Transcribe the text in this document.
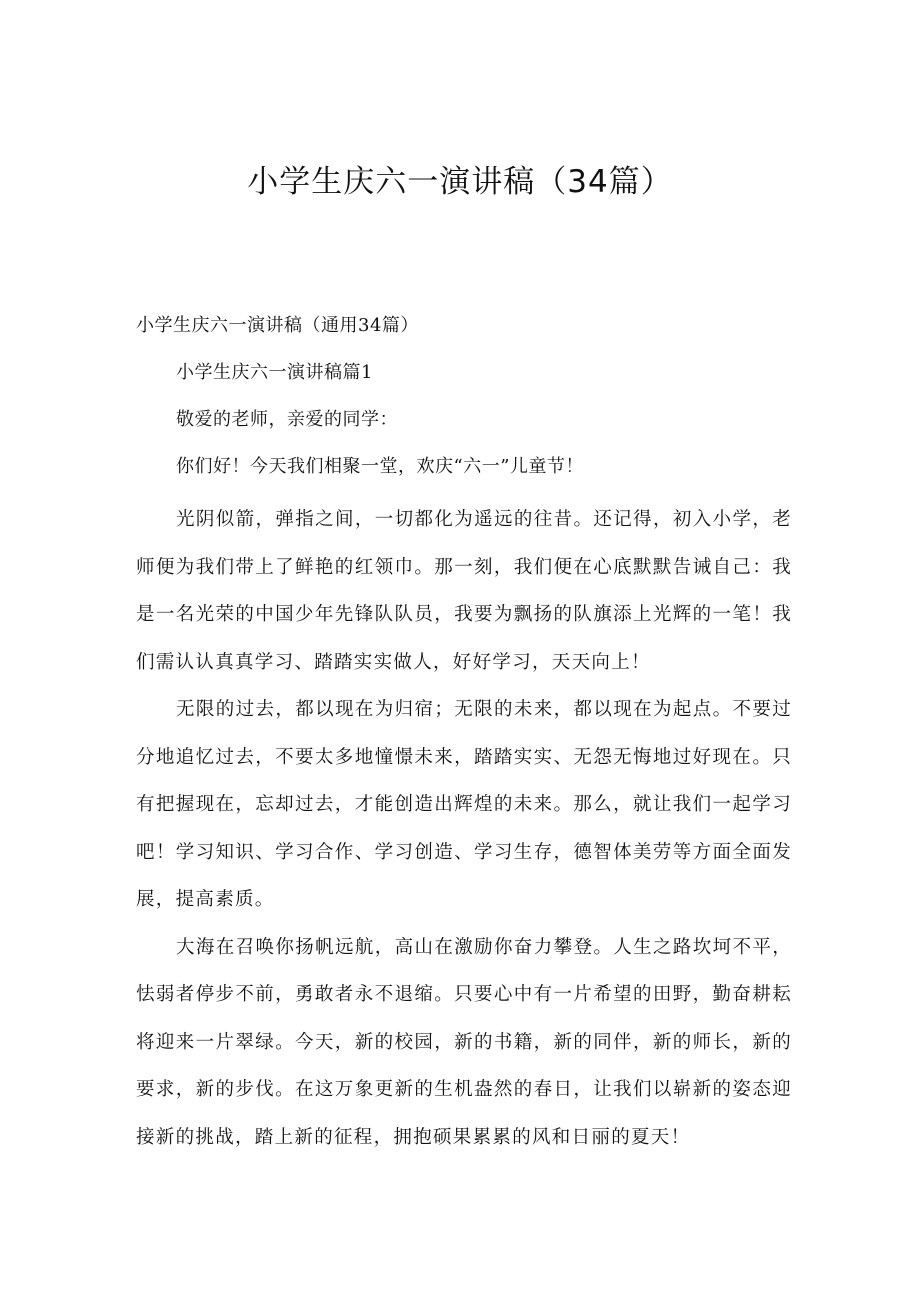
小学生庆六一演讲稿（34篇）
小学生庆六一演讲稿（通用34篇）
小学生庆六一演讲稿篇1
敬爱的老师，亲爱的同学：
你们好！今天我们相聚一堂，欢庆“六一”儿童节！

光阴似箭，弹指之间，一切都化为遥远的往昔。还记得，初入小学，老师便为我们带上了鲜艳的红领巾。那一刻，我们便在心底默默告诫自己：我是一名光荣的中国少年先锋队队员，我要为飘扬的队旗添上光辉的一笔！我们需认认真真学习、踏踏实实做人，好好学习，天天向上！

无限的过去，都以现在为归宿；无限的未来，都以现在为起点。不要过分地追忆过去，不要太多地憧憬未来，踏踏实实、无怨无悔地过好现在。只有把握现在，忘却过去，才能创造出辉煌的未来。那么，就让我们一起学习吧！学习知识、学习合作、学习创造、学习生存，德智体美劳等方面全面发展，提高素质。

大海在召唤你扬帆远航，高山在激励你奋力攀登。人生之路坎坷不平，怯弱者停步不前，勇敢者永不退缩。只要心中有一片希望的田野，勤奋耕耘将迎来一片翠绿。今天，新的校园，新的书籍，新的同伴，新的师长，新的要求，新的步伐。在这万象更新的生机盎然的春日，让我们以崭新的姿态迎接新的挑战，踏上新的征程，拥抱硕果累累的风和日丽的夏天！
